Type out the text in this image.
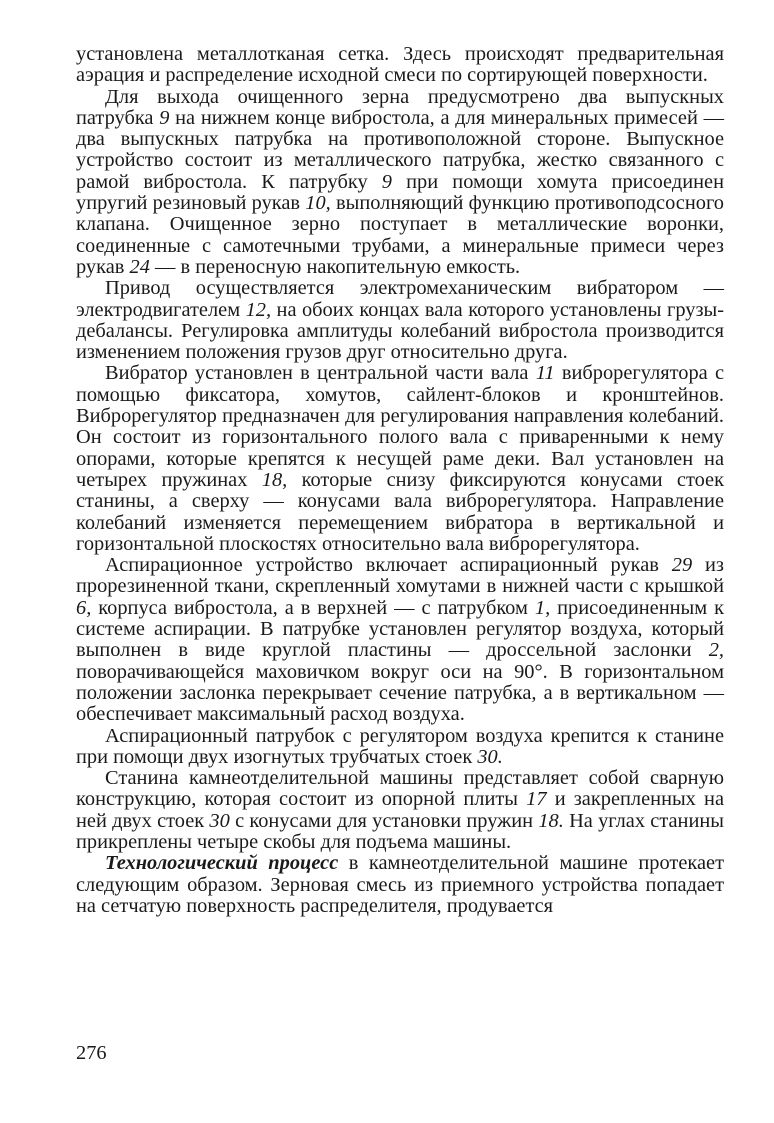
установлена металлотканая сетка. Здесь происходят предварительная аэрация и распределение исходной смеси по сортирующей поверхности.

Для выхода очищенного зерна предусмотрено два выпускных патрубка 9 на нижнем конце вибростола, а для минеральных примесей — два выпускных патрубка на противоположной стороне. Выпускное устройство состоит из металлического патрубка, жестко связанного с рамой вибростола. К патрубку 9 при помощи хомута присоединен упругий резиновый рукав 10, выполняющий функцию противоподсосного клапана. Очищенное зерно поступает в металлические воронки, соединенные с самотечными трубами, а минеральные примеси через рукав 24 — в переносную накопительную емкость.

Привод осуществляется электромеханическим вибратором — электродвигателем 12, на обоих концах вала которого установлены грузы-дебалансы. Регулировка амплитуды колебаний вибростола производится изменением положения грузов друг относительно друга.

Вибратор установлен в центральной части вала 11 виброрегулятора с помощью фиксатора, хомутов, сайлент-блоков и кронштейнов. Виброрегулятор предназначен для регулирования направления колебаний. Он состоит из горизонтального полого вала с приваренными к нему опорами, которые крепятся к несущей раме деки. Вал установлен на четырех пружинах 18, которые снизу фиксируются конусами стоек станины, а сверху — конусами вала виброрегулятора. Направление колебаний изменяется перемещением вибратора в вертикальной и горизонтальной плоскостях относительно вала виброрегулятора.

Аспирационное устройство включает аспирационный рукав 29 из прорезиненной ткани, скрепленный хомутами в нижней части с крышкой 6, корпуса вибростола, а в верхней — с патрубком 1, присоединенным к системе аспирации. В патрубке установлен регулятор воздуха, который выполнен в виде круглой пластины — дроссельной заслонки 2, поворачивающейся маховичком вокруг оси на 90°. В горизонтальном положении заслонка перекрывает сечение патрубка, а в вертикальном — обеспечивает максимальный расход воздуха.

Аспирационный патрубок с регулятором воздуха крепится к станине при помощи двух изогнутых трубчатых стоек 30.

Станина камнеотделительной машины представляет собой сварную конструкцию, которая состоит из опорной плиты 17 и закрепленных на ней двух стоек 30 с конусами для установки пружин 18. На углах станины прикреплены четыре скобы для подъема машины.

Технологический процесс в камнеотделительной машине протекает следующим образом. Зерновая смесь из приемного устройства попадает на сетчатую поверхность распределителя, продувается

276
